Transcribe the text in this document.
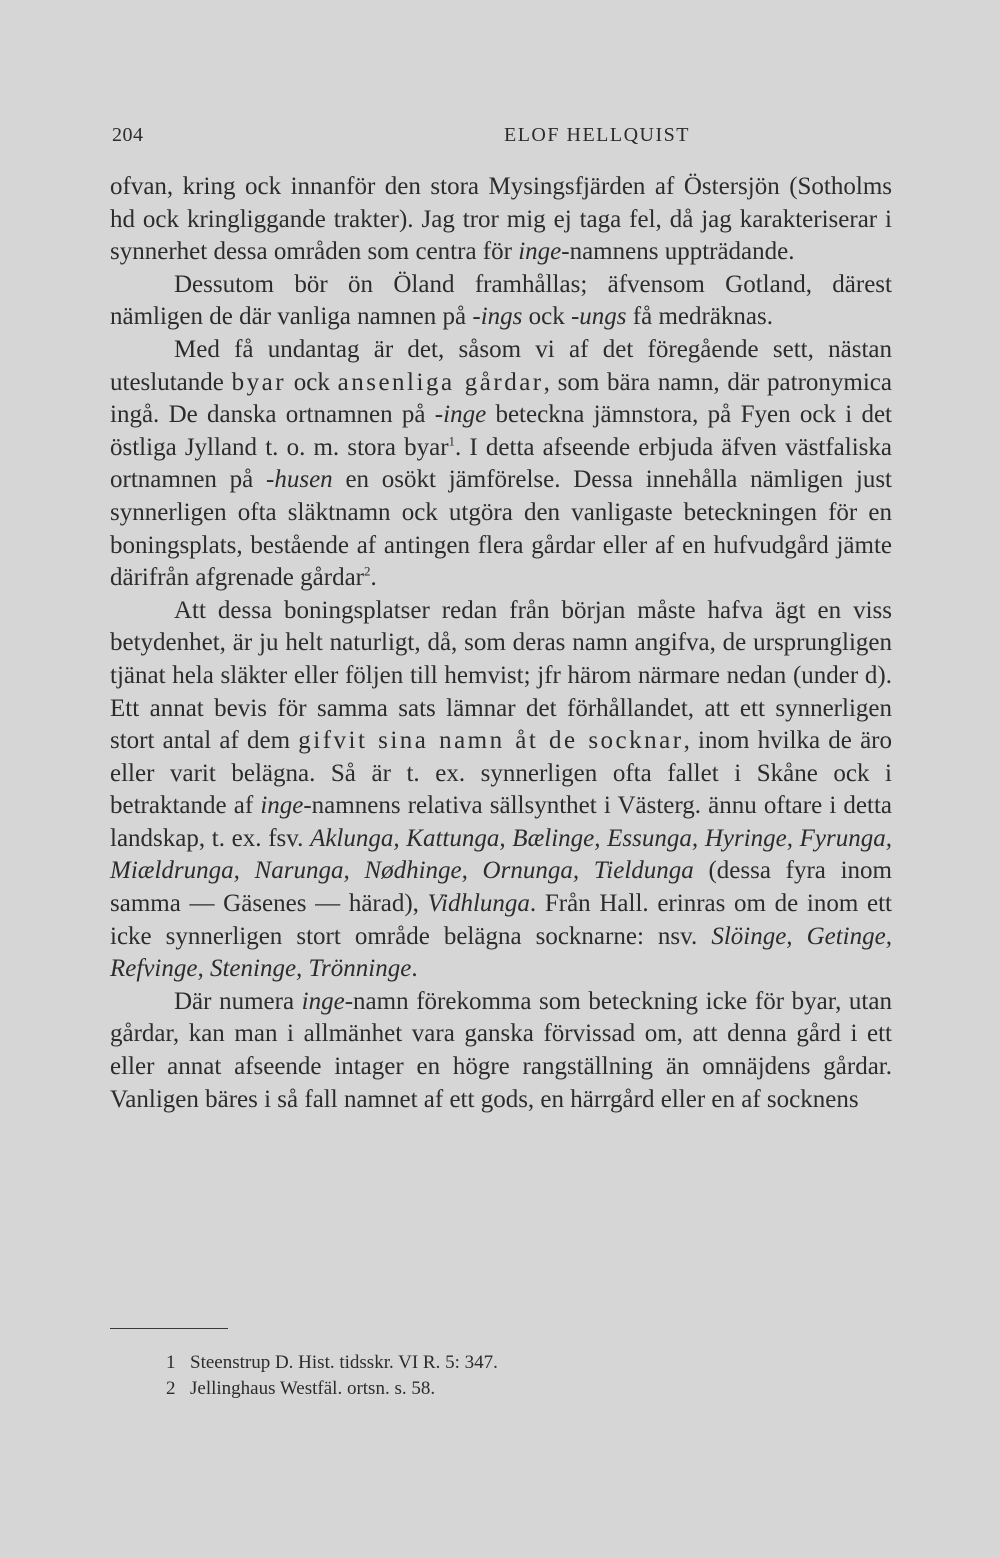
204	ELOF HELLQUIST

ofvan, kring ock innanför den stora Mysingsfjärden af Östersjön (Sotholms hd ock kringliggande trakter). Jag tror mig ej taga fel, då jag karakteriserar i synnerhet dessa områden som centra för inge-namnens uppträdande.

Dessutom bör ön Öland framhållas; äfvensom Gotland, därest nämligen de där vanliga namnen på -ings ock -ungs få medräknas.

Med få undantag är det, såsom vi af det föregående sett, nästan uteslutande byar ock ansenliga gårdar, som bära namn, där patronymica ingå. De danska ortnamnen på -inge beteckna jämnstora, på Fyen ock i det östliga Jylland t. o. m. stora byar$^1$. I detta afseende erbjuda äfven västfaliska ortnamnen på -husen en osökt jämförelse. Dessa innehålla nämligen just synnerligen ofta släktnamn ock utgöra den vanligaste beteckningen för en boningsplats, bestående af antingen flera gårdar eller af en hufvudgård jämte därifrån afgrenade gårdar$^2$.

Att dessa boningsplatser redan från början måste hafva ägt en viss betydenhet, är ju helt naturligt, då, som deras namn angifva, de ursprungligen tjänat hela släkter eller följen till hemvist; jfr härom närmare nedan (under d). Ett annat bevis för samma sats lämnar det förhållandet, att ett synnerligen stort antal af dem gifvit sina namn åt de socknar, inom hvilka de äro eller varit belägna. Så är t. ex. synnerligen ofta fallet i Skåne ock i betraktande af inge-namnens relativa sällsynthet i Västerg. ännu oftare i detta landskap, t. ex. fsv. Aklunga, Kattunga, Bælinge, Essunga, Hyringe, Fyrunga, Miældrunga, Narunga, Nødhinge, Ornunga, Tieldunga (dessa fyra inom samma — Gäsenes — härad), Vidhlunga. Från Hall. erinras om de inom ett icke synnerligen stort område belägna socknarne: nsv. Slöinge, Getinge, Refvinge, Steninge, Trönninge.

Där numera inge-namn förekomma som beteckning icke för byar, utan gårdar, kan man i allmänhet vara ganska förvissad om, att denna gård i ett eller annat afseende intager en högre rangställning än omnäjdens gårdar. Vanligen bäres i så fall namnet af ett gods, en härrgård eller en af socknens

1 Steenstrup D. Hist. tidsskr. VI R. 5: 347.

2 Jellinghaus Westfäl. ortsn. s. 58.
